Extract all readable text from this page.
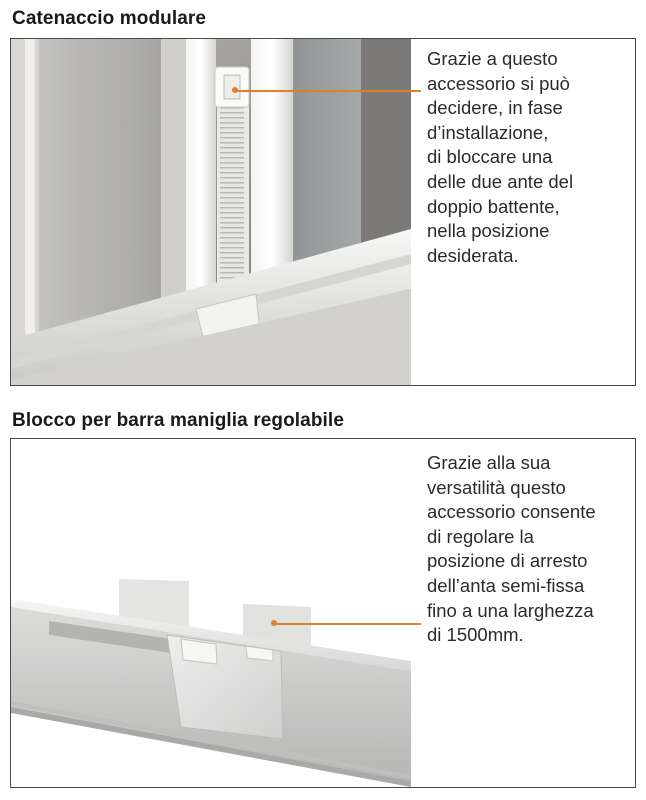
Catenaccio modulare
Grazie a questo
accessorio si può
decidere, in fase
d’installazione,
di bloccare una
delle due ante del
doppio battente,
nella posizione
desiderata.
Blocco per barra maniglia regolabile
Grazie alla sua
versatilità questo
accessorio consente
di regolare la
posizione di arresto
dell’anta semi-fissa
fino a una larghezza
di 1500mm.
